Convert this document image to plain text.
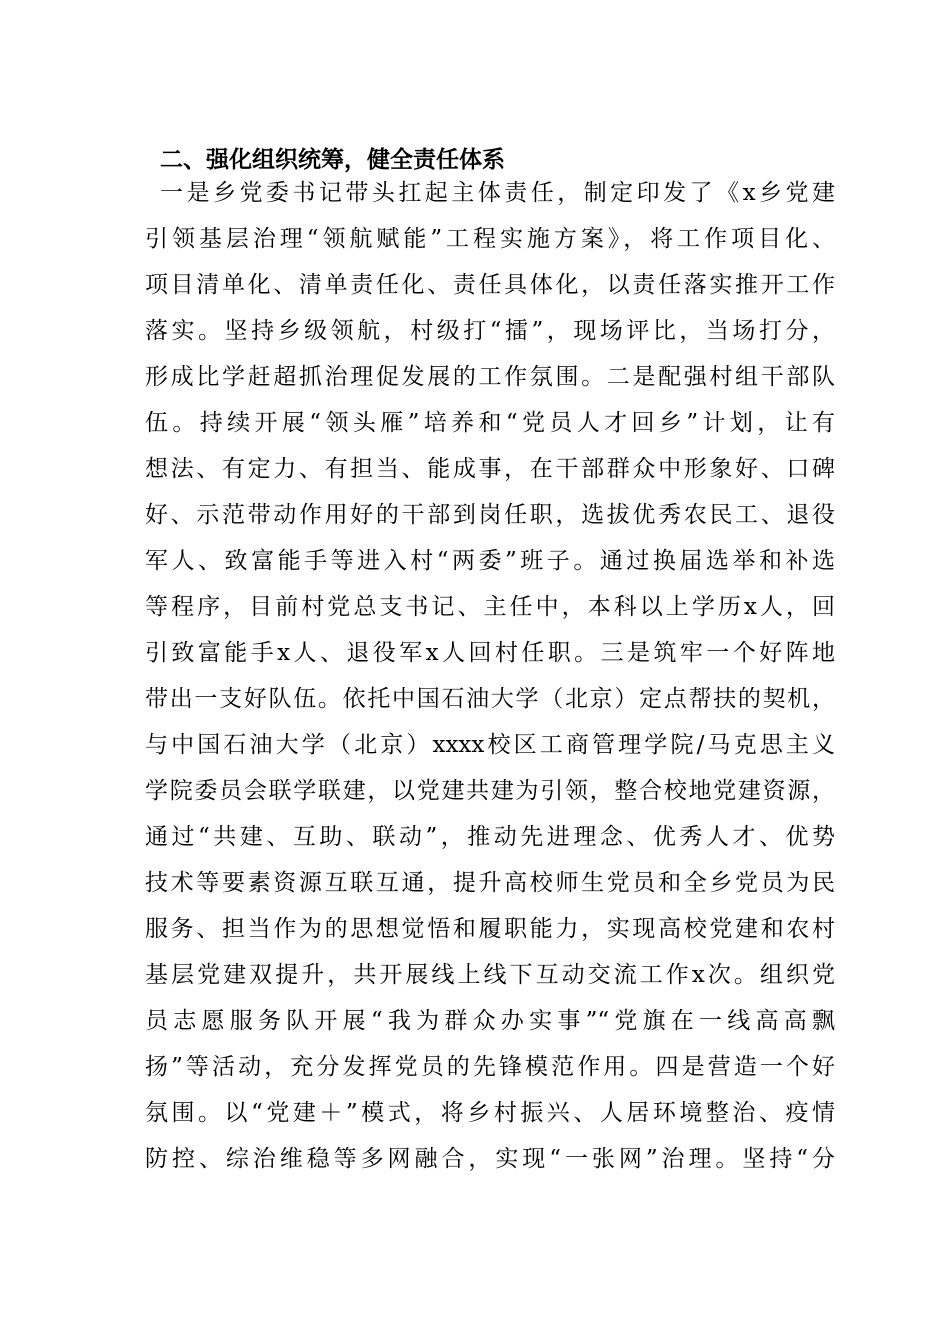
二、强化组织统筹，健全责任体系
一是乡党委书记带头扛起主体责任，制定印发了《x乡党建
引领基层治理“领航赋能”工程实施方案》，将工作项目化、
项目清单化、清单责任化、责任具体化，以责任落实推开工作
落实。坚持乡级领航，村级打“擂”，现场评比，当场打分，
形成比学赶超抓治理促发展的工作氛围。二是配强村组干部队
伍。持续开展“领头雁”培养和“党员人才回乡”计划，让有
想法、有定力、有担当、能成事，在干部群众中形象好、口碑
好、示范带动作用好的干部到岗任职，选拔优秀农民工、退役
军人、致富能手等进入村“两委”班子。通过换届选举和补选
等程序，目前村党总支书记、主任中，本科以上学历x人，回
引致富能手x人、退役军x人回村任职。三是筑牢一个好阵地
带出一支好队伍。依托中国石油大学（北京）定点帮扶的契机，
与中国石油大学（北京）xxxx校区工商管理学院/马克思主义
学院委员会联学联建，以党建共建为引领，整合校地党建资源，
通过“共建、互助、联动”，推动先进理念、优秀人才、优势
技术等要素资源互联互通，提升高校师生党员和全乡党员为民
服务、担当作为的思想觉悟和履职能力，实现高校党建和农村
基层党建双提升，共开展线上线下互动交流工作x次。组织党
员志愿服务队开展“我为群众办实事”“党旗在一线高高飘
扬”等活动，充分发挥党员的先锋模范作用。四是营造一个好
氛围。以“党建＋”模式，将乡村振兴、人居环境整治、疫情
防控、综治维稳等多网融合，实现“一张网”治理。坚持“分
